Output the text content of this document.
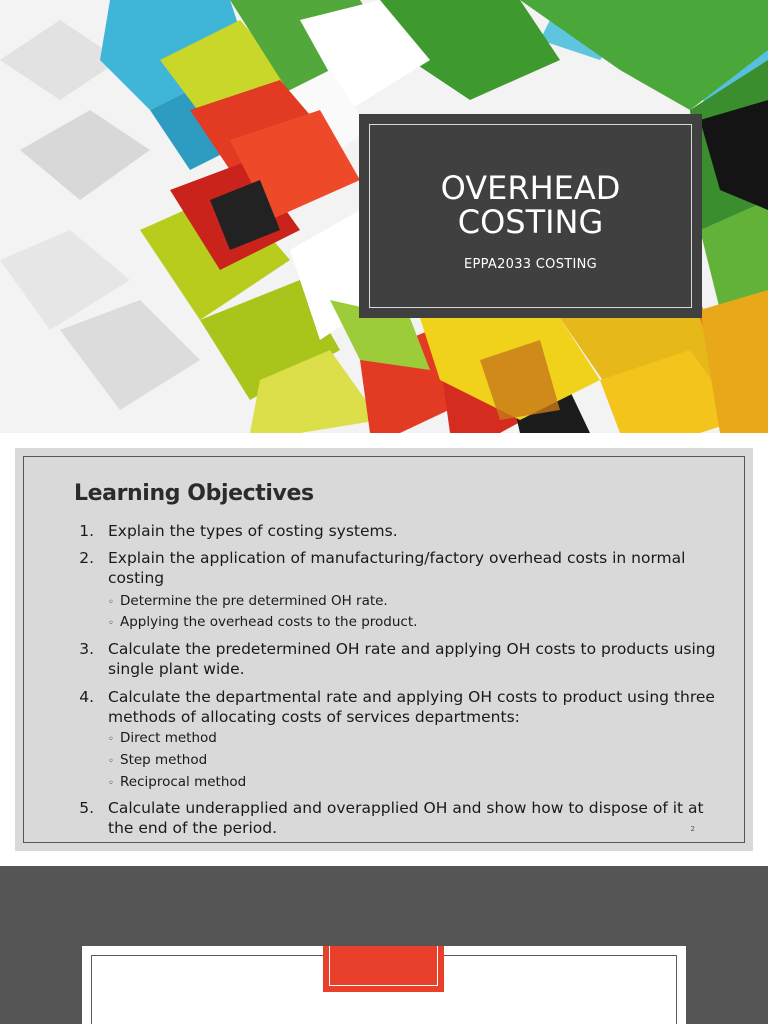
OVERHEAD
COSTING
EPPA2033 COSTING
Learning Objectives
1. Explain the types of costing systems.
2. Explain the application of manufacturing/factory overhead costs in normal costing
◦ Determine the pre determined OH rate.
◦ Applying the overhead costs to the product.
3. Calculate the predetermined OH rate and applying OH costs to products using single plant wide.
4. Calculate the departmental rate and applying OH costs to product using three methods of allocating costs of services departments:
◦ Direct method
◦ Step method
◦ Reciprocal method
5. Calculate underapplied and overapplied OH and show how to dispose of it at the end of the period.	2
